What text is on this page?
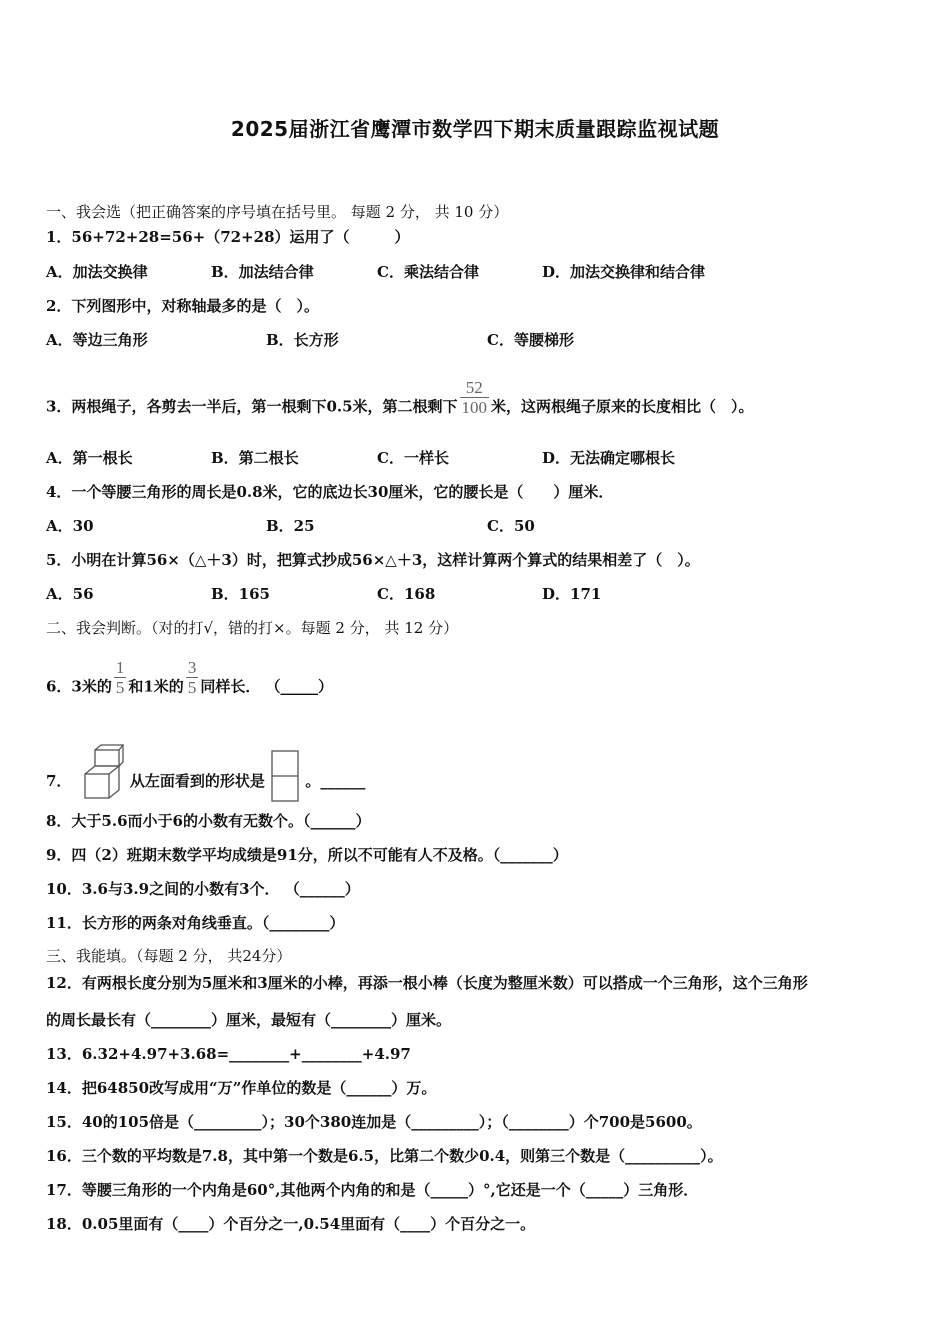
2025届浙江省鹰潭市数学四下期末质量跟踪监视试题
一、我会选（把正确答案的序号填在括号里。 每题 2 分， 共 10 分）
1．56+72+28=56+（72+28）运用了（　　　）
A．加法交换律	B．加法结合律	C．乘法结合律	D．加法交换律和结合律
2．下列图形中，对称轴最多的是（　）。
A．等边三角形	B．长方形	C．等腰梯形
3．两根绳子，各剪去一半后，第一根剩下0.5米，第二根剩下 $\frac{52}{100}$ 米，这两根绳子原来的长度相比（　）。
A．第一根长	B．第二根长	C．一样长	D．无法确定哪根长
4．一个等腰三角形的周长是0.8米，它的底边长30厘米，它的腰长是（　　）厘米．
A．30	B．25	C．50
5．小明在计算56×（△＋3）时，把算式抄成56×△＋3，这样计算两个算式的结果相差了（　）。
A．56	B．165	C．168	D．171
二、我会判断。（对的打√，错的打×。每题 2 分， 共 12 分）
6．3米的 $\frac{1}{5}$ 和1米的 $\frac{3}{5}$ 同样长． （_____）
7．	从左面看到的形状是	。______
8．大于5.6而小于6的小数有无数个。（______）
9．四（2）班期末数学平均成绩是91分，所以不可能有人不及格。（_______）
10．3.6与3.9之间的小数有3个． （______）
11．长方形的两条对角线垂直。（________）
三、我能填。（每题 2 分， 共24分）
12．有两根长度分别为5厘米和3厘米的小棒，再添一根小棒（长度为整厘米数）可以搭成一个三角形，这个三角形
的周长最长有（________）厘米，最短有（________）厘米。
13．6.32+4.97+3.68=________+________+4.97
14．把64850改写成用“万”作单位的数是（______）万。
15．40的105倍是（_________）；30个380连加是（_________）；（________）个700是5600。
16．三个数的平均数是7.8，其中第一个数是6.5，比第二个数少0.4，则第三个数是（__________）。
17．等腰三角形的一个内角是60°,其他两个内角的和是（_____）°,它还是一个（_____）三角形．
18．0.05里面有（____）个百分之一,0.54里面有（____）个百分之一。
